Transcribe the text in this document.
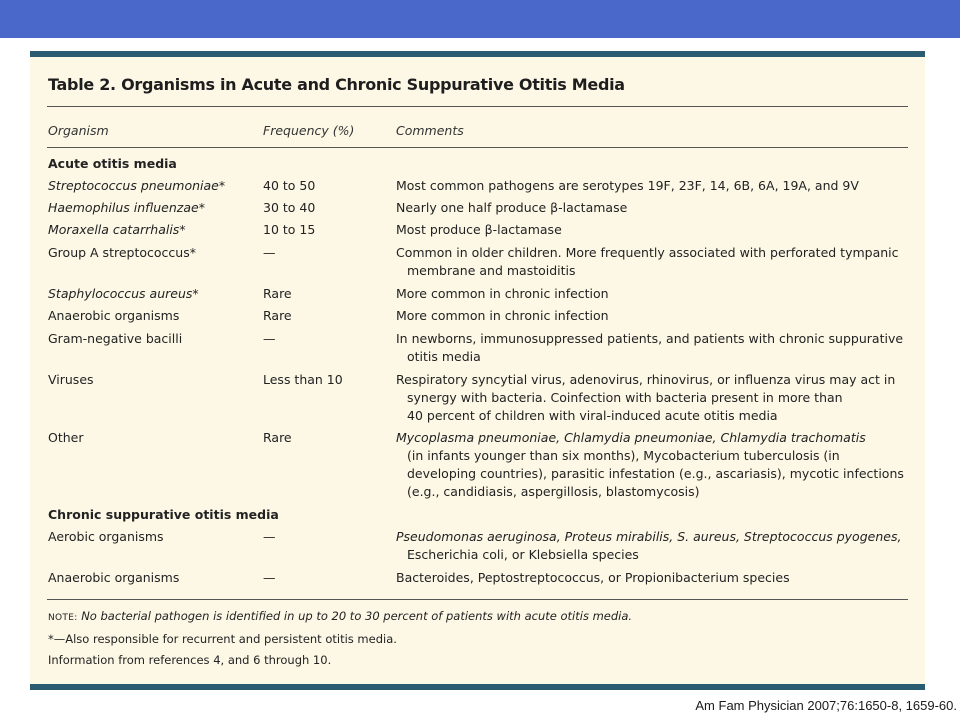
Table 2. Organisms in Acute and Chronic Suppurative Otitis Media
Organism	Frequency (%)	Comments
Acute otitis media
Streptococcus pneumoniae*	40 to 50	Most common pathogens are serotypes 19F, 23F, 14, 6B, 6A, 19A, and 9V
Haemophilus influenzae*	30 to 40	Nearly one half produce β-lactamase
Moraxella catarrhalis*	10 to 15	Most produce β-lactamase
Group A streptococcus*	—	Common in older children. More frequently associated with perforated tympanic
membrane and mastoiditis
Staphylococcus aureus*	Rare	More common in chronic infection
Anaerobic organisms	Rare	More common in chronic infection
Gram-negative bacilli	—	In newborns, immunosuppressed patients, and patients with chronic suppurative
otitis media
Viruses	Less than 10	Respiratory syncytial virus, adenovirus, rhinovirus, or influenza virus may act in
synergy with bacteria. Coinfection with bacteria present in more than
40 percent of children with viral-induced acute otitis media
Other	Rare	Mycoplasma pneumoniae, Chlamydia pneumoniae, Chlamydia trachomatis
(in infants younger than six months), Mycobacterium tuberculosis (in
developing countries), parasitic infestation (e.g., ascariasis), mycotic infections
(e.g., candidiasis, aspergillosis, blastomycosis)
Chronic suppurative otitis media
Aerobic organisms	—	Pseudomonas aeruginosa, Proteus mirabilis, S. aureus, Streptococcus pyogenes,
Escherichia coli, or Klebsiella species
Anaerobic organisms	—	Bacteroides, Peptostreptococcus, or Propionibacterium species
NOTE: No bacterial pathogen is identified in up to 20 to 30 percent of patients with acute otitis media.
*—Also responsible for recurrent and persistent otitis media.
Information from references 4, and 6 through 10.
Am Fam Physician 2007;76:1650-8, 1659-60.
